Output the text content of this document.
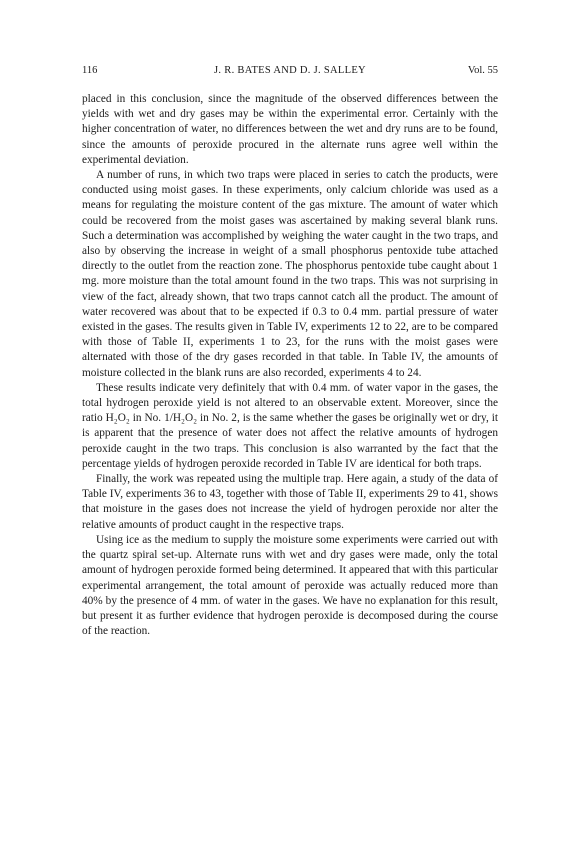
116	J. R. BATES AND D. J. SALLEY	Vol. 55

placed in this conclusion, since the magnitude of the observed differences between the yields with wet and dry gases may be within the experimental error. Certainly with the higher concentration of water, no differences between the wet and dry runs are to be found, since the amounts of peroxide procured in the alternate runs agree well within the experimental deviation.

A number of runs, in which two traps were placed in series to catch the products, were conducted using moist gases. In these experiments, only calcium chloride was used as a means for regulating the moisture content of the gas mixture. The amount of water which could be recovered from the moist gases was ascertained by making several blank runs. Such a determination was accomplished by weighing the water caught in the two traps, and also by observing the increase in weight of a small phosphorus pentoxide tube attached directly to the outlet from the reaction zone. The phosphorus pentoxide tube caught about 1 mg. more moisture than the total amount found in the two traps. This was not surprising in view of the fact, already shown, that two traps cannot catch all the product. The amount of water recovered was about that to be expected if 0.3 to 0.4 mm. partial pressure of water existed in the gases. The results given in Table IV, experiments 12 to 22, are to be compared with those of Table II, experiments 1 to 23, for the runs with the moist gases were alternated with those of the dry gases recorded in that table. In Table IV, the amounts of moisture collected in the blank runs are also recorded, experiments 4 to 24.

These results indicate very definitely that with 0.4 mm. of water vapor in the gases, the total hydrogen peroxide yield is not altered to an observable extent. Moreover, since the ratio H₂O₂ in No. 1/H₂O₂ in No. 2, is the same whether the gases be originally wet or dry, it is apparent that the presence of water does not affect the relative amounts of hydrogen peroxide caught in the two traps. This conclusion is also warranted by the fact that the percentage yields of hydrogen peroxide recorded in Table IV are identical for both traps.

Finally, the work was repeated using the multiple trap. Here again, a study of the data of Table IV, experiments 36 to 43, together with those of Table II, experiments 29 to 41, shows that moisture in the gases does not increase the yield of hydrogen peroxide nor alter the relative amounts of product caught in the respective traps.

Using ice as the medium to supply the moisture some experiments were carried out with the quartz spiral set-up. Alternate runs with wet and dry gases were made, only the total amount of hydrogen peroxide formed being determined. It appeared that with this particular experimental arrangement, the total amount of peroxide was actually reduced more than 40% by the presence of 4 mm. of water in the gases. We have no explanation for this result, but present it as further evidence that hydrogen peroxide is decomposed during the course of the reaction.
